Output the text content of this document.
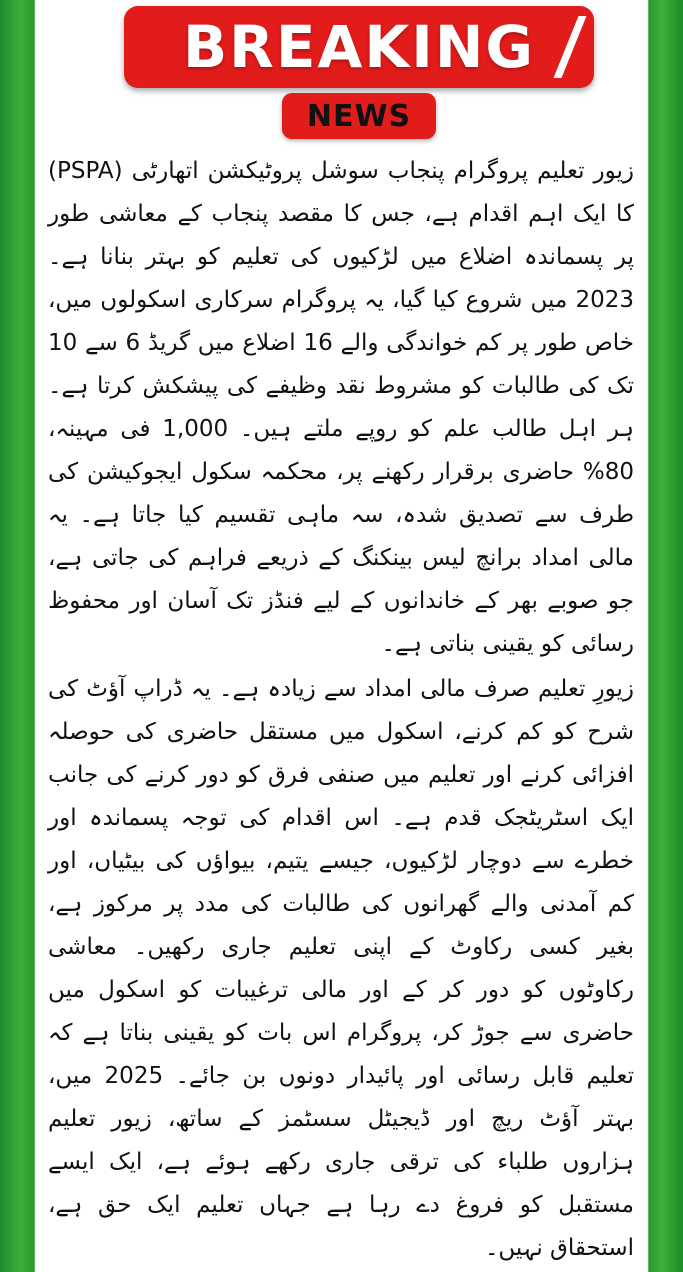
BREAKING
NEWS

زیور تعلیم پروگرام پنجاب سوشل پروٹیکشن اتھارٹی (PSPA) کا ایک اہم اقدام ہے، جس کا مقصد پنجاب کے معاشی طور پر پسماندہ اضلاع میں لڑکیوں کی تعلیم کو بہتر بنانا ہے۔ 2023 میں شروع کیا گیا، یہ پروگرام سرکاری اسکولوں میں، خاص طور پر کم خواندگی والے 16 اضلاع میں گریڈ 6 سے 10 تک کی طالبات کو مشروط نقد وظیفے کی پیشکش کرتا ہے۔ ہر اہل طالب علم کو روپے ملتے ہیں۔ 1,000 فی مہینہ، 80% حاضری برقرار رکھنے پر، محکمہ سکول ایجوکیشن کی طرف سے تصدیق شدہ، سہ ماہی تقسیم کیا جاتا ہے۔ یہ مالی امداد برانچ لیس بینکنگ کے ذریعے فراہم کی جاتی ہے، جو صوبے بھر کے خاندانوں کے لیے فنڈز تک آسان اور محفوظ رسائی کو یقینی بناتی ہے۔

زیورِ تعلیم صرف مالی امداد سے زیادہ ہے۔ یہ ڈراپ آؤٹ کی شرح کو کم کرنے، اسکول میں مستقل حاضری کی حوصلہ افزائی کرنے اور تعلیم میں صنفی فرق کو دور کرنے کی جانب ایک اسٹریٹجک قدم ہے۔ اس اقدام کی توجہ پسماندہ اور خطرے سے دوچار لڑکیوں، جیسے یتیم، بیواؤں کی بیٹیاں، اور کم آمدنی والے گھرانوں کی طالبات کی مدد پر مرکوز ہے، بغیر کسی رکاوٹ کے اپنی تعلیم جاری رکھیں۔ معاشی رکاوٹوں کو دور کر کے اور مالی ترغیبات کو اسکول میں حاضری سے جوڑ کر، پروگرام اس بات کو یقینی بناتا ہے کہ تعلیم قابل رسائی اور پائیدار دونوں بن جائے۔ 2025 میں، بہتر آؤٹ ریچ اور ڈیجیٹل سسٹمز کے ساتھ، زیور تعلیم ہزاروں طلباء کی ترقی جاری رکھے ہوئے ہے، ایک ایسے مستقبل کو فروغ دے رہا ہے جہاں تعلیم ایک حق ہے، استحقاق نہیں۔
